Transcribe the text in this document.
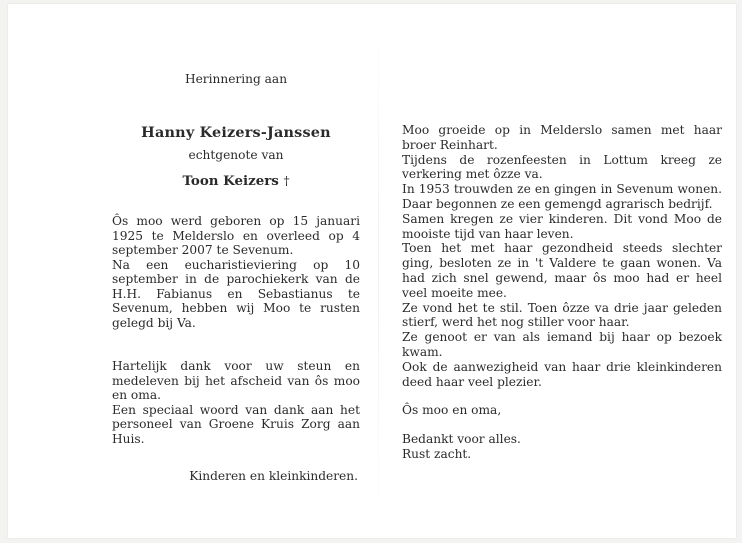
Herinnering aan
Hanny Keizers-Janssen
echtgenote van
Toon Keizers †

Ôs moo werd geboren op 15 januari 1925 te Melderslo en overleed op 4 september 2007 te Sevenum.

Na een eucharistieviering op 10 september in de parochiekerk van de H.H. Fabianus en Sebastianus te Sevenum, hebben wij Moo te rusten gelegd bij Va.

Hartelijk dank voor uw steun en medeleven bij het afscheid van ôs moo en oma.

Een speciaal woord van dank aan het personeel van Groene Kruis Zorg aan Huis.

Kinderen en kleinkinderen.

Moo groeide op in Melderslo samen met haar broer Reinhart.

Tijdens de rozenfeesten in Lottum kreeg ze verkering met ôzze va.

In 1953 trouwden ze en gingen in Sevenum wonen. Daar begonnen ze een gemengd agrarisch bedrijf.

Samen kregen ze vier kinderen. Dit vond Moo de mooiste tijd van haar leven.

Toen het met haar gezondheid steeds slechter ging, besloten ze in 't Valdere te gaan wonen. Va had zich snel gewend, maar ôs moo had er heel veel moeite mee.

Ze vond het te stil. Toen ôzze va drie jaar geleden stierf, werd het nog stiller voor haar.

Ze genoot er van als iemand bij haar op bezoek kwam.

Ook de aanwezigheid van haar drie kleinkinderen deed haar veel plezier.

Ôs moo en oma,

Bedankt voor alles.

Rust zacht.
